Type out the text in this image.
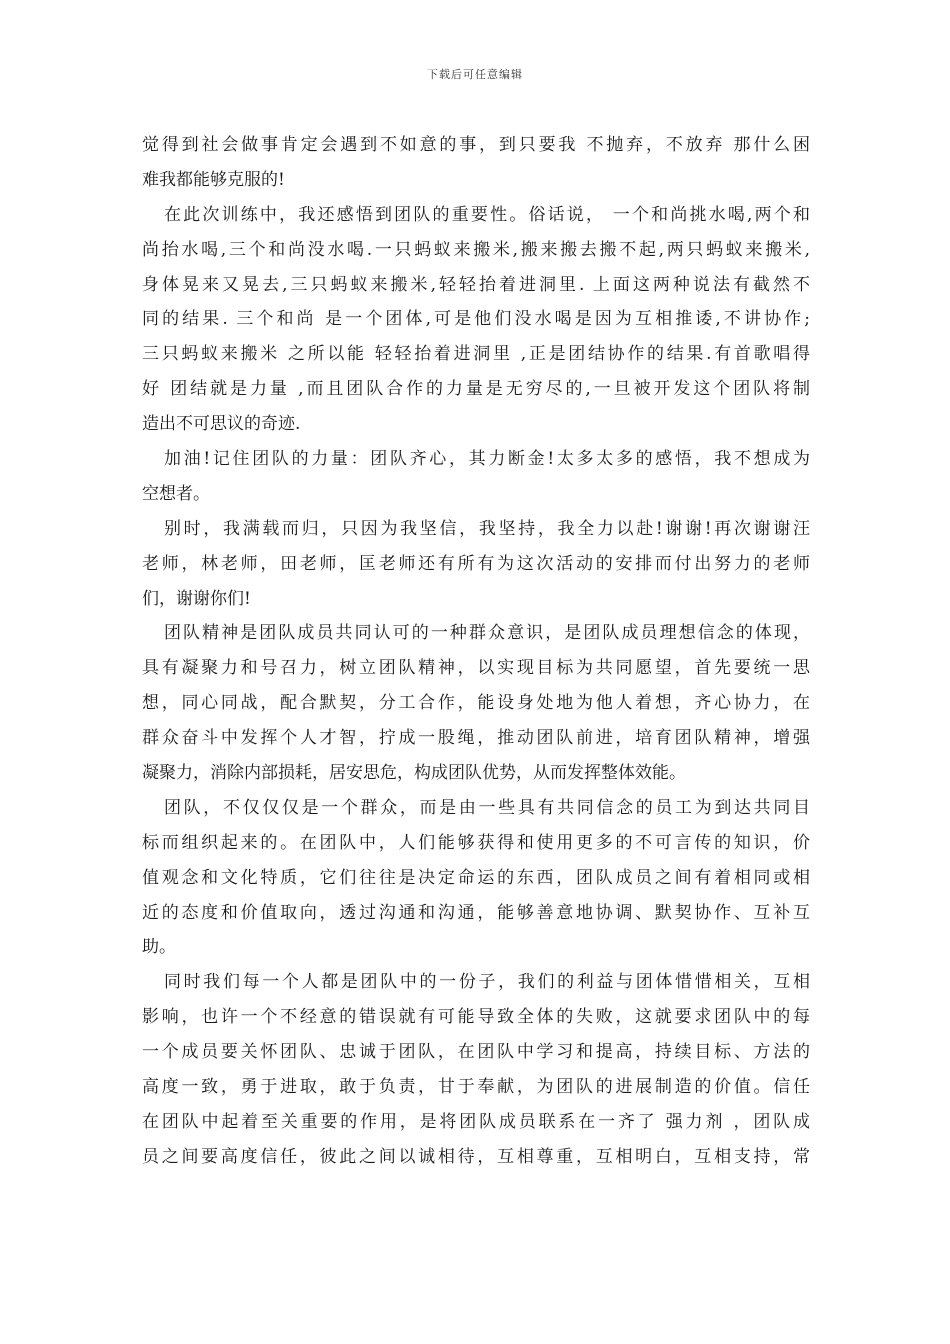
下载后可任意编辑
觉得到社会做事肯定会遇到不如意的事，到只要我 不抛弃，不放弃 那什么困
难我都能够克服的!
在此次训练中，我还感悟到团队的重要性。俗话说， 一个和尚挑水喝,两个和
尚抬水喝,三个和尚没水喝.一只蚂蚁来搬米,搬来搬去搬不起,两只蚂蚁来搬米,
身体晃来又晃去,三只蚂蚁来搬米,轻轻抬着进洞里. 上面这两种说法有截然不
同的结果. 三个和尚 是一个团体,可是他们没水喝是因为互相推诿,不讲协作;
三只蚂蚁来搬米 之所以能 轻轻抬着进洞里 ,正是团结协作的结果.有首歌唱得
好 团结就是力量 ,而且团队合作的力量是无穷尽的,一旦被开发这个团队将制
造出不可思议的奇迹.
加油!记住团队的力量：团队齐心，其力断金!太多太多的感悟，我不想成为
空想者。
别时，我满载而归，只因为我坚信，我坚持，我全力以赴!谢谢!再次谢谢汪
老师，林老师，田老师，匡老师还有所有为这次活动的安排而付出努力的老师
们，谢谢你们!
团队精神是团队成员共同认可的一种群众意识，是团队成员理想信念的体现，
具有凝聚力和号召力，树立团队精神，以实现目标为共同愿望，首先要统一思
想，同心同战，配合默契，分工合作，能设身处地为他人着想，齐心协力，在
群众奋斗中发挥个人才智，拧成一股绳，推动团队前进，培育团队精神，增强
凝聚力，消除内部损耗，居安思危，构成团队优势，从而发挥整体效能。
团队，不仅仅仅是一个群众，而是由一些具有共同信念的员工为到达共同目
标而组织起来的。在团队中，人们能够获得和使用更多的不可言传的知识，价
值观念和文化特质，它们往往是决定命运的东西，团队成员之间有着相同或相
近的态度和价值取向，透过沟通和沟通，能够善意地协调、默契协作、互补互
助。
同时我们每一个人都是团队中的一份子，我们的利益与团体惜惜相关，互相
影响，也许一个不经意的错误就有可能导致全体的失败，这就要求团队中的每
一个成员要关怀团队、忠诚于团队，在团队中学习和提高，持续目标、方法的
高度一致，勇于进取，敢于负责，甘于奉献，为团队的进展制造的价值。信任
在团队中起着至关重要的作用，是将团队成员联系在一齐了 强力剂 ，团队成
员之间要高度信任，彼此之间以诚相待，互相尊重，互相明白，互相支持，常
